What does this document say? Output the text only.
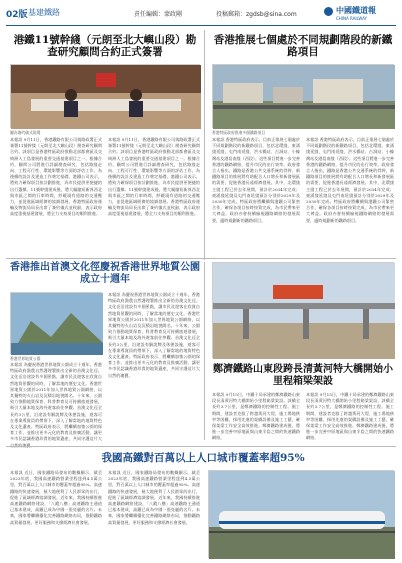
02版 基建鐵路	責任編輯：蒙政剛	投稿郵箱：zgdsb@sina.com	中國鐵道報
CHINA RAILWAY
港鐵11號幹綫（元朗至北大嶼山段）勘查研究顧問合約正式簽署
圖為簽約儀式現場
本報訊 9月11日，香港鐵路有限公司與路政署正式簽署11號幹綫（元朗至北大嶼山段）勘查研究顧問合約。該項目是香港特區政府推動北部都會區及交椅洲人工島發展的重要交通基建項目之一。根據合約，顧問公司將進行詳細勘查研究，包括路綫走向、工程可行性、環境影響等方面的評估工作，為後續的設計及建造工作奠定基礎。港鐵公司表示，將致力確保項目按計劃推進，為市民提供更便捷的出行選擇。11號幹綫建成後，將大幅縮短新界西北與市區之間的行車時間，紓緩現有道路的交通壓力，並促進區域經濟的協調發展。香港特區政府運輸及物流局局長出席了簽約儀式並致辭，表示政府高度重視基建發展，將全力支持項目的順利推進。
本報訊 9月11日，香港鐵路有限公司與路政署正式簽署11號幹綫（元朗至北大嶼山段）勘查研究顧問合約。該項目是香港特區政府推動北部都會區及交椅洲人工島發展的重要交通基建項目之一。根據合約，顧問公司將進行詳細勘查研究，包括路綫走向、工程可行性、環境影響等方面的評估工作，為後續的設計及建造工作奠定基礎。港鐵公司表示，將致力確保項目按計劃推進，為市民提供更便捷的出行選擇。11號幹綫建成後，將大幅縮短新界西北與市區之間的行車時間，紓緩現有道路的交通壓力，並促進區域經濟的協調發展。香港特區政府運輸及物流局局長出席了簽約儀式並致辭，表示政府高度重視基建發展，將全力支持項目的順利推進。
香港推展七個處於不同規劃階段的新鐵路項目
香港特區政府推進多個鐵路項目
本報訊 香港特區政府表示，目前正推展七個處於不同規劃階段的新鐵路項目，包括北環綫、東涌綫延綫、屯門南延綫、洪水橋站、古洞站、小蠔灣站及港島南綫（西段）。這些項目將進一步完善香港的鐵路網絡，提升市民的出行效率。政府發言人指出，鐵路是香港公共交通系統的骨幹，新鐵路項目的推展將有助配合人口增長和新發展區的需要，促進香港長遠經濟發展。其中，北環綫主綫工程已於去年展開，預計於2034年完成；東涌綫延綫及屯門南延綫預計分別於2029年及2030年完成。特區政府將繼續與港鐵公司緊密合作，確保各項目按時按質完成，為市民帶來更大裨益。政府亦會持續檢視鐵路網絡的發展需要，適時規劃新的鐵路項目。
本報訊 香港特區政府表示，目前正推展七個處於不同規劃階段的新鐵路項目，包括北環綫、東涌綫延綫、屯門南延綫、洪水橋站、古洞站、小蠔灣站及港島南綫（西段）。這些項目將進一步完善香港的鐵路網絡，提升市民的出行效率。政府發言人指出，鐵路是香港公共交通系統的骨幹，新鐵路項目的推展將有助配合人口增長和新發展區的需要，促進香港長遠經濟發展。其中，北環綫主綫工程已於去年展開，預計於2034年完成；東涌綫延綫及屯門南延綫預計分別於2029年及2030年完成。特區政府將繼續與港鐵公司緊密合作，確保各項目按時按質完成，為市民帶來更大裨益。政府亦會持續檢視鐵路網絡的發展需要，適時規劃新的鐵路項目。
香港推出首澳文化徑慶祝香港世界地質公園成立十週年
香港世界地質公園
本報訊 為慶祝香港世界地質公園成立十週年，香港特區政府漁農自然護理署推出全新的首澳文化徑。文化徑沿途設有多個景點，讓市民及遊客在欣賞自然地質景觀的同時，了解當地的歷史文化。香港世界地質公園於2011年加入世界地質公園網絡，以其獨特的火山岩及沉積岩地貌聞名。十年來，公園致力推動地質保育、科普教育及可持續旅遊發展，吸引大量本地及海外遊客前往參觀。首澳文化徑全長約3公里，沿途設有解說牌及休憩設施，遊客可在專業導賞員的帶領下，深入了解當地的地質特色及文化遺產。特區政府表示，將繼續加強公園的保育工作，並推出更多元化的教育及推廣活動，讓更多市民認識香港珍貴的地質遺產，共同守護這片大
本報訊 為慶祝香港世界地質公園成立十週年，香港特區政府漁農自然護理署推出全新的首澳文化徑。文化徑沿途設有多個景點，讓市民及遊客在欣賞自然地質景觀的同時，了解當地的歷史文化。香港世界地質公園於2011年加入世界地質公園網絡，以其獨特的火山岩及沉積岩地貌聞名。十年來，公園致力推動地質保育、科普教育及可持續旅遊發展，吸引大量本地及海外遊客前往參觀。首澳文化徑全長約3公里，沿途設有解說牌及休憩設施，遊客可在專業導賞員的帶領下，深入了解當地的地質特色及文化遺產。特區政府表示，將繼續加強公園的保育工作，並推出更多元化的教育及推廣活動，讓更多市民認識香港珍貴的地質遺產，共同守護這片大自然的瑰寶。
鄭濟鐵路山東段跨長清黃河特大橋開始小里程箱梁架設
本報訊 9月15日，中鐵十局承建的鄭濟鐵路山東段長清黃河特大橋開始小里程箱梁架設。該橋全長約3.7公里，是鄭濟鐵路的控制性工程。施工期間，建設者克服了跨越黃河大堤、施工場地狹窄等困難，採用先進的架橋設備及施工工藝，確保架梁工作安全高效推進。鄭濟鐵路建成後，將進一步完善中原地區與山東半島之間的快速鐵路網絡。
本報訊 9月15日，中鐵十局承建的鄭濟鐵路山東段長清黃河特大橋開始小里程箱梁架設。該橋全長約3.7公里，是鄭濟鐵路的控制性工程。施工期間，建設者克服了跨越黃河大堤、施工場地狹窄等困難，採用先進的架橋設備及施工工藝，確保架梁工作安全高效推進。鄭濟鐵路建成後，將進一步完善中原地區與山東半島之間的快速鐵路網絡。
我國高鐵對百萬以上人口城市覆蓋率超95%
本報訊 近日，國家鐵路局發布的數據顯示，截至2023年底，我國高速鐵路營業里程達到4.5萬公里，對百萬以上人口城市的覆蓋率超過95%。高速鐵路的快速發展，極大地便利了人民群眾的出行，促進了區域經濟協調發展。近年來，我國持續推進高速鐵路網絡建設，「八縱八橫」高速鐵路主通道已基本建成，高鐵已成為中國一張亮麗的名片。未來，國家將繼續優化完善鐵路網絡布局，推動鐵路高質量發展，更好服務和支撐經濟社會發展。
本報訊 近日，國家鐵路局發布的數據顯示，截至2023年底，我國高速鐵路營業里程達到4.5萬公里，對百萬以上人口城市的覆蓋率超過95%。高速鐵路的快速發展，極大地便利了人民群眾的出行，促進了區域經濟協調發展。近年來，我國持續推進高速鐵路網絡建設，「八縱八橫」高速鐵路主通道已基本建成，高鐵已成為中國一張亮麗的名片。未來，國家將繼續優化完善鐵路網絡布局，推動鐵路高質量發展，更好服務和支撐經濟社會發展。
